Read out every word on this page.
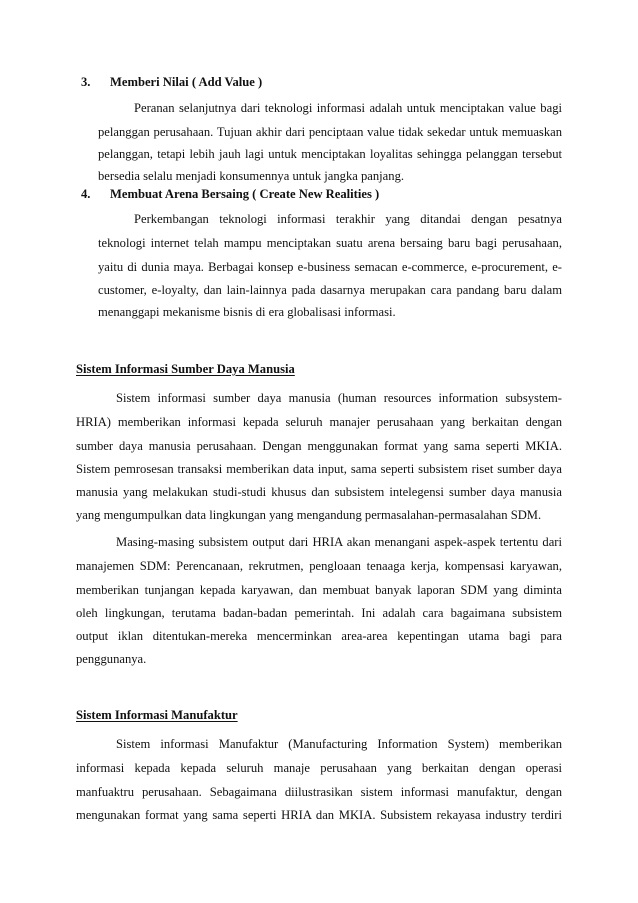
3. Memberi Nilai ( Add Value )
Peranan selanjutnya dari teknologi informasi adalah untuk menciptakan value bagi
pelanggan perusahaan. Tujuan akhir dari penciptaan value tidak sekedar untuk memuaskan
pelanggan, tetapi lebih jauh lagi untuk menciptakan loyalitas sehingga pelanggan tersebut
bersedia selalu menjadi konsumennya untuk jangka panjang.
4. Membuat Arena Bersaing ( Create New Realities )
Perkembangan teknologi informasi terakhir yang ditandai dengan pesatnya
teknologi internet telah mampu menciptakan suatu arena bersaing baru bagi perusahaan,
yaitu di dunia maya. Berbagai konsep e-business semacan e-commerce, e-procurement, e-
customer, e-loyalty, dan lain-lainnya pada dasarnya merupakan cara pandang baru dalam
menanggapi mekanisme bisnis di era globalisasi informasi.
Sistem Informasi Sumber Daya Manusia
Sistem informasi sumber daya manusia (human resources information subsystem-
HRIA) memberikan informasi kepada seluruh manajer perusahaan yang berkaitan dengan
sumber daya manusia perusahaan. Dengan menggunakan format yang sama seperti MKIA.
Sistem pemrosesan transaksi memberikan data input, sama seperti subsistem riset sumber daya
manusia yang melakukan studi-studi khusus dan subsistem intelegensi sumber daya manusia
yang mengumpulkan data lingkungan yang mengandung permasalahan-permasalahan SDM.
Masing-masing subsistem output dari HRIA akan menangani aspek-aspek tertentu dari
manajemen SDM: Perencanaan, rekrutmen, pengloaan tenaaga kerja, kompensasi karyawan,
memberikan tunjangan kepada karyawan, dan membuat banyak laporan SDM yang diminta
oleh lingkungan, terutama badan-badan pemerintah. Ini adalah cara bagaimana subsistem
output iklan ditentukan-mereka mencerminkan area-area kepentingan utama bagi para
penggunanya.
Sistem Informasi Manufaktur
Sistem informasi Manufaktur (Manufacturing Information System) memberikan
informasi kepada kepada seluruh manaje perusahaan yang berkaitan dengan operasi
manfuaktru perusahaan. Sebagaimana diilustrasikan sistem informasi manufaktur, dengan
mengunakan format yang sama seperti HRIA dan MKIA. Subsistem rekayasa industry terdiri
